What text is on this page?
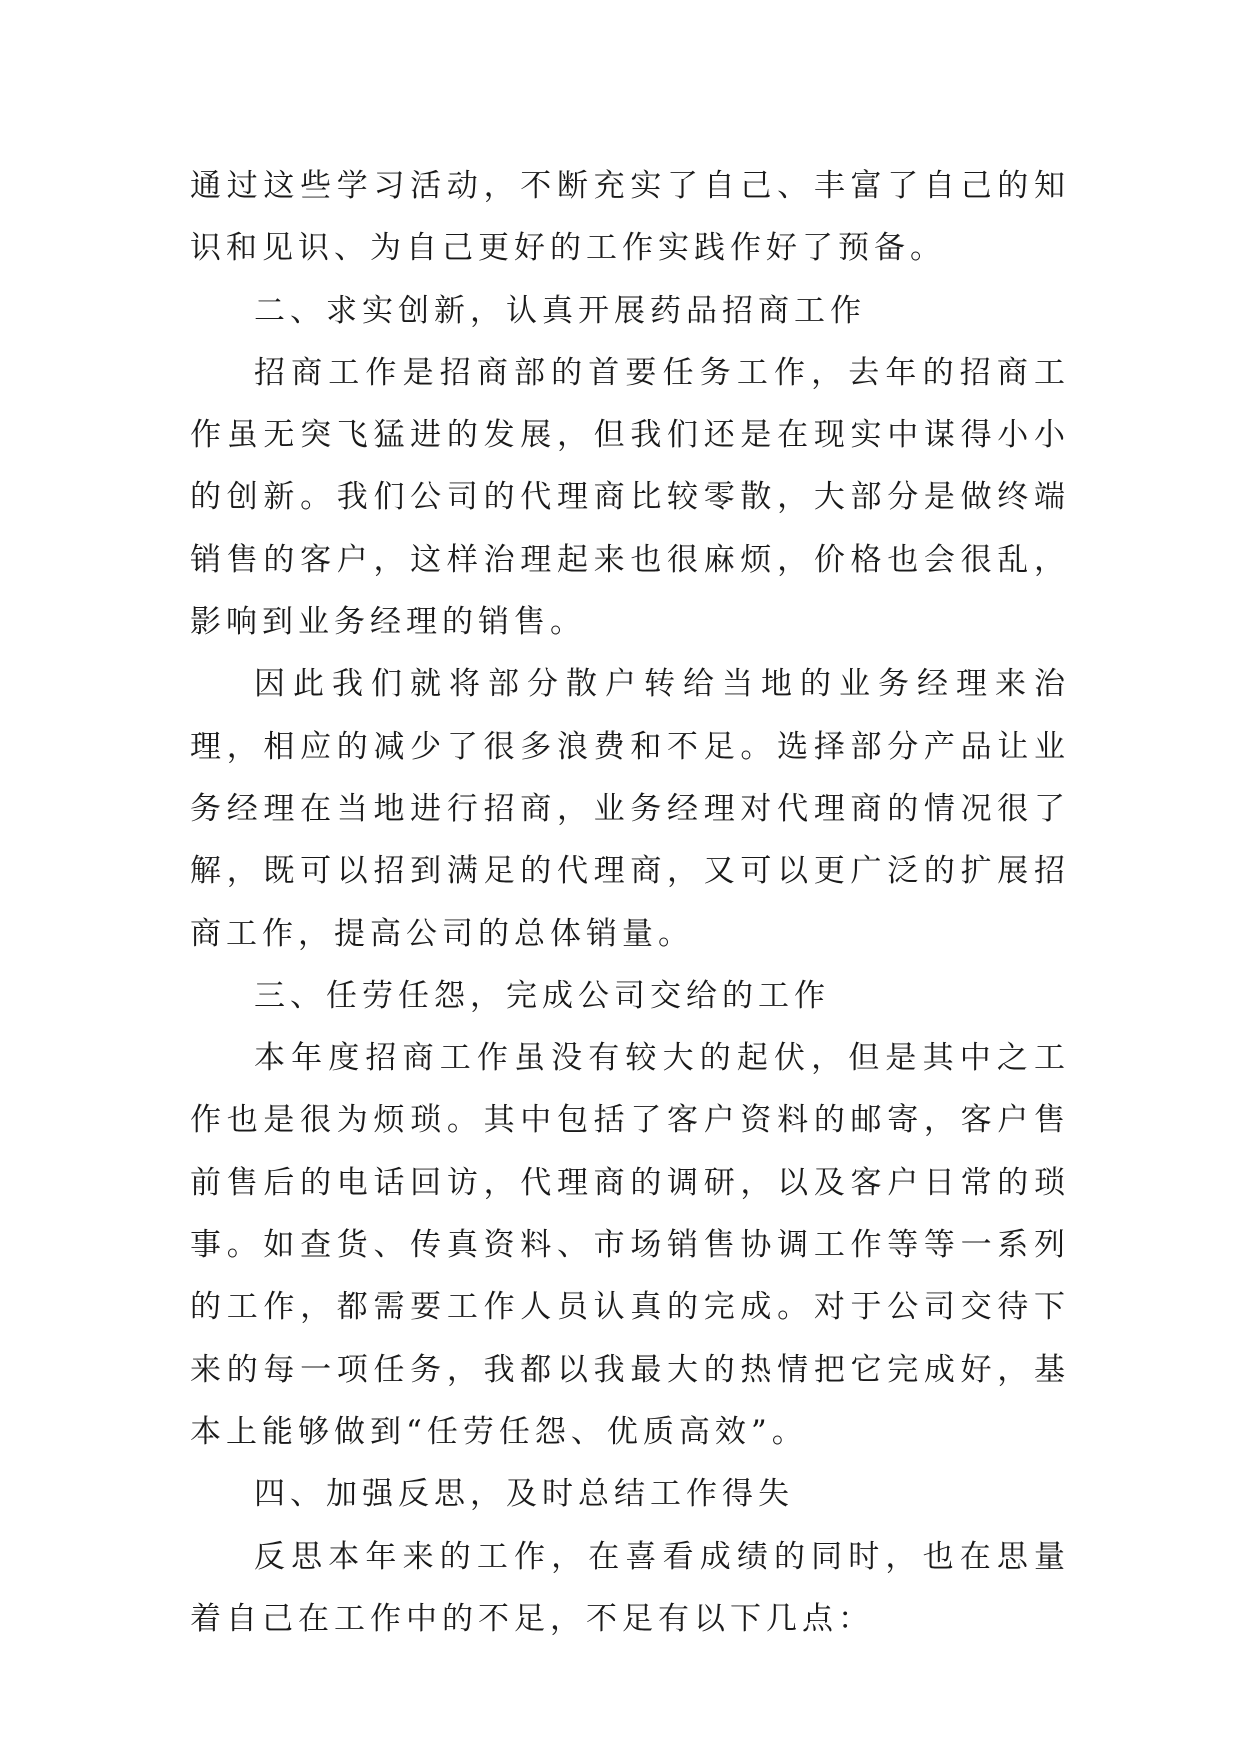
通过这些学习活动，不断充实了自己、丰富了自己的知识和见识、为自己更好的工作实践作好了预备。

二、求实创新，认真开展药品招商工作

招商工作是招商部的首要任务工作，去年的招商工作虽无突飞猛进的发展，但我们还是在现实中谋得小小的创新。我们公司的代理商比较零散，大部分是做终端销售的客户，这样治理起来也很麻烦，价格也会很乱，影响到业务经理的销售。

因此我们就将部分散户转给当地的业务经理来治理，相应的减少了很多浪费和不足。选择部分产品让业务经理在当地进行招商，业务经理对代理商的情况很了解，既可以招到满足的代理商，又可以更广泛的扩展招商工作，提高公司的总体销量。

三、任劳任怨，完成公司交给的工作

本年度招商工作虽没有较大的起伏，但是其中之工作也是很为烦琐。其中包括了客户资料的邮寄，客户售前售后的电话回访，代理商的调研，以及客户日常的琐事。如查货、传真资料、市场销售协调工作等等一系列的工作，都需要工作人员认真的完成。对于公司交待下来的每一项任务，我都以我最大的热情把它完成好，基本上能够做到“任劳任怨、优质高效”。

四、加强反思，及时总结工作得失

反思本年来的工作，在喜看成绩的同时，也在思量着自己在工作中的不足，不足有以下几点：
